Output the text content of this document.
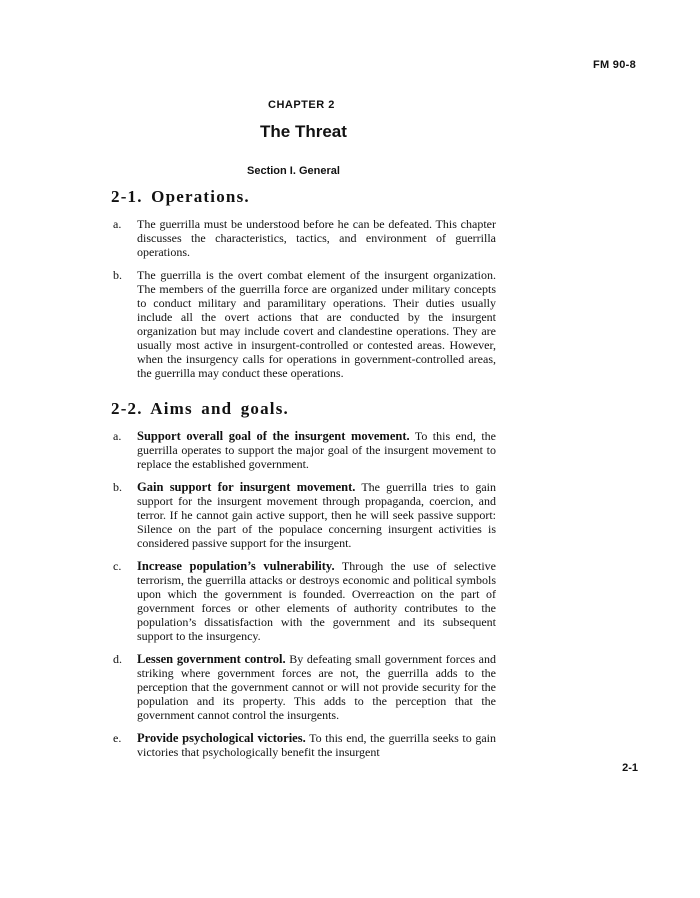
FM 90-8
CHAPTER 2
The Threat
Section I. General
2-1. Operations.
a. The guerrilla must be understood before he can be defeated. This chapter discusses the characteristics, tactics, and environment of guerrilla operations.
b. The guerrilla is the overt combat element of the insurgent organization. The members of the guerrilla force are organized under military concepts to conduct military and paramilitary operations. Their duties usually include all the overt actions that are conducted by the insurgent organization but may include covert and clandestine operations. They are usually most active in insurgent-controlled or contested areas. However, when the insurgency calls for operations in government-controlled areas, the guerrilla may conduct these operations.
2-2. Aims and goals.
a. Support overall goal of the insurgent movement. To this end, the guerrilla operates to support the major goal of the insurgent movement to replace the established government.
b. Gain support for insurgent movement. The guerrilla tries to gain support for the insurgent movement through propaganda, coercion, and terror. If he cannot gain active support, then he will seek passive support: Silence on the part of the populace concerning insurgent activities is considered passive support for the insurgent.
c. Increase population’s vulnerability. Through the use of selective terrorism, the guerrilla attacks or destroys economic and political symbols upon which the government is founded. Overreaction on the part of government forces or other elements of authority contributes to the population’s dissatisfaction with the government and its subsequent support to the insurgency.
d. Lessen government control. By defeating small government forces and striking where government forces are not, the guerrilla adds to the perception that the government cannot or will not provide security for the population and its property. This adds to the perception that the government cannot control the insurgents.
e. Provide psychological victories. To this end, the guerrilla seeks to gain victories that psychologically benefit the insurgent
2-1
